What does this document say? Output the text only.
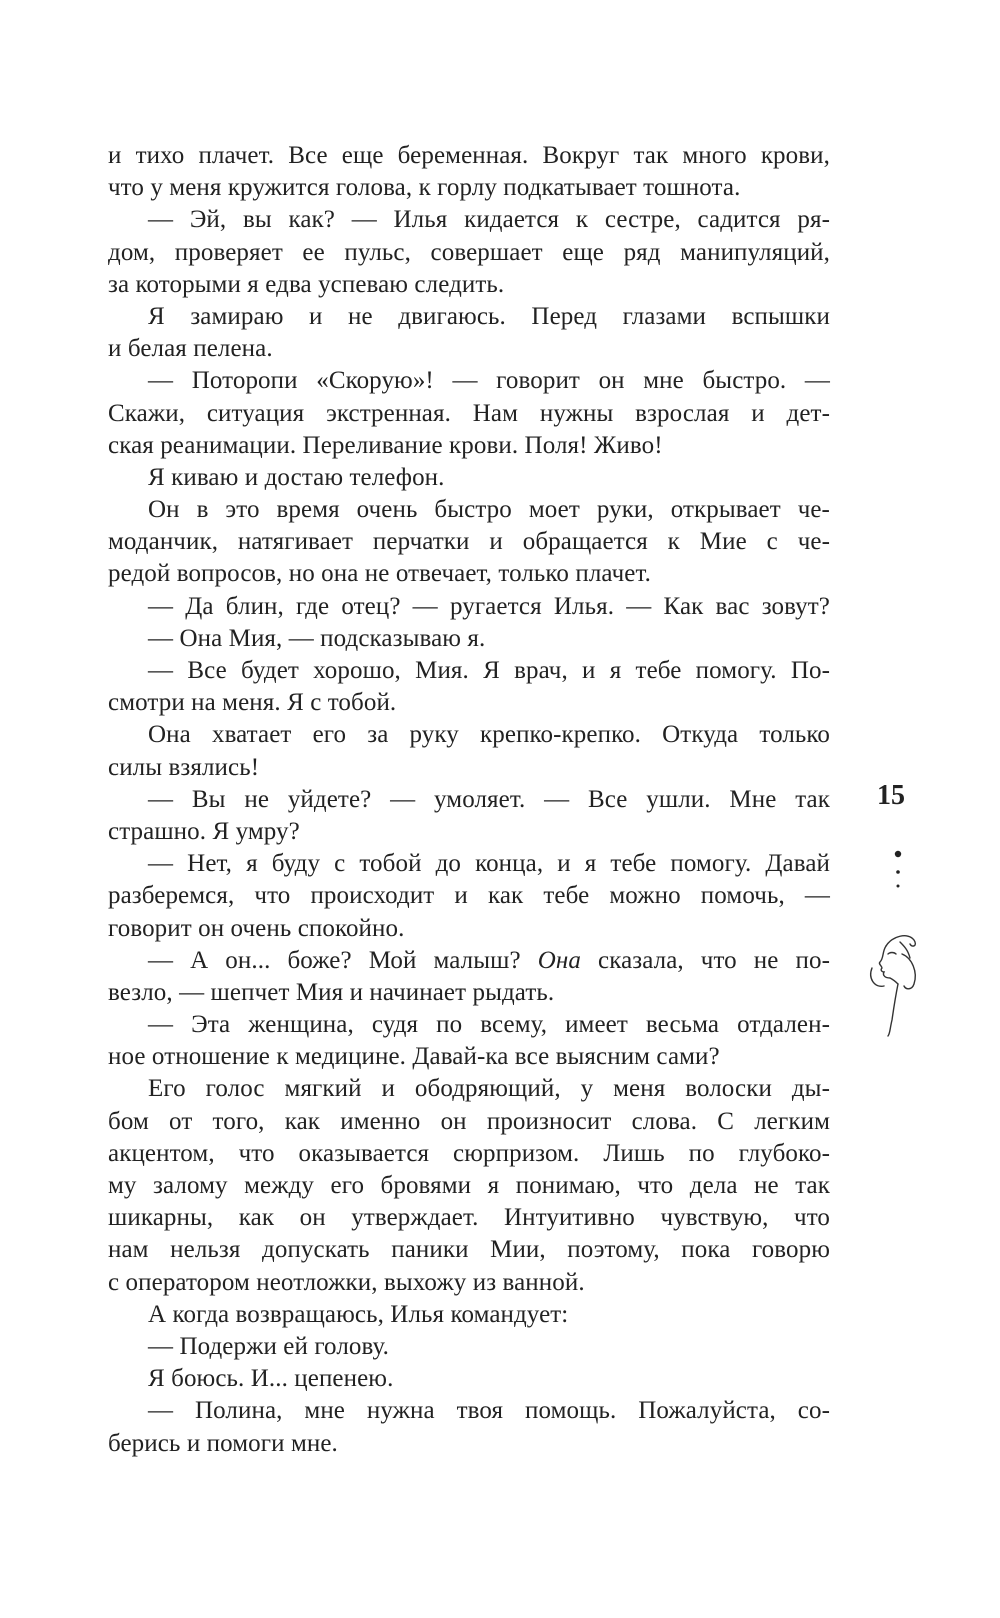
и тихо плачет. Все еще беременная. Вокруг так много крови,
что у меня кружится голова, к горлу подкатывает тошнота.
— Эй, вы как? — Илья кидается к сестре, садится ря-
дом, проверяет ее пульс, совершает еще ряд манипуляций,
за которыми я едва успеваю следить.
Я замираю и не двигаюсь. Перед глазами вспышки
и белая пелена.
— Поторопи «Скорую»! — говорит он мне быстро. —
Скажи, ситуация экстренная. Нам нужны взрослая и дет-
ская реанимации. Переливание крови. Поля! Живо!
Я киваю и достаю телефон.
Он в это время очень быстро моет руки, открывает че-
моданчик, натягивает перчатки и обращается к Мие с че-
редой вопросов, но она не отвечает, только плачет.
— Да блин, где отец? — ругается Илья. — Как вас зовут?
— Она Мия, — подсказываю я.
— Все будет хорошо, Мия. Я врач, и я тебе помогу. По-
смотри на меня. Я с тобой.
Она хватает его за руку крепко-крепко. Откуда только
силы взялись!
— Вы не уйдете? — умоляет. — Все ушли. Мне так
страшно. Я умру?
— Нет, я буду с тобой до конца, и я тебе помогу. Давай
разберемся, что происходит и как тебе можно помочь, —
говорит он очень спокойно.
— А он... боже? Мой малыш? Она сказала, что не по-
везло, — шепчет Мия и начинает рыдать.
— Эта женщина, судя по всему, имеет весьма отдален-
ное отношение к медицине. Давай-ка все выясним сами?
Его голос мягкий и ободряющий, у меня волоски ды-
бом от того, как именно он произносит слова. С легким
акцентом, что оказывается сюрпризом. Лишь по глубоко-
му залому между его бровями я понимаю, что дела не так
шикарны, как он утверждает. Интуитивно чувствую, что
нам нельзя допускать паники Мии, поэтому, пока говорю
с оператором неотложки, выхожу из ванной.
А когда возвращаюсь, Илья командует:
— Подержи ей голову.
Я боюсь. И... цепенею.
— Полина, мне нужна твоя помощь. Пожалуйста, со-
берись и помоги мне.
15
